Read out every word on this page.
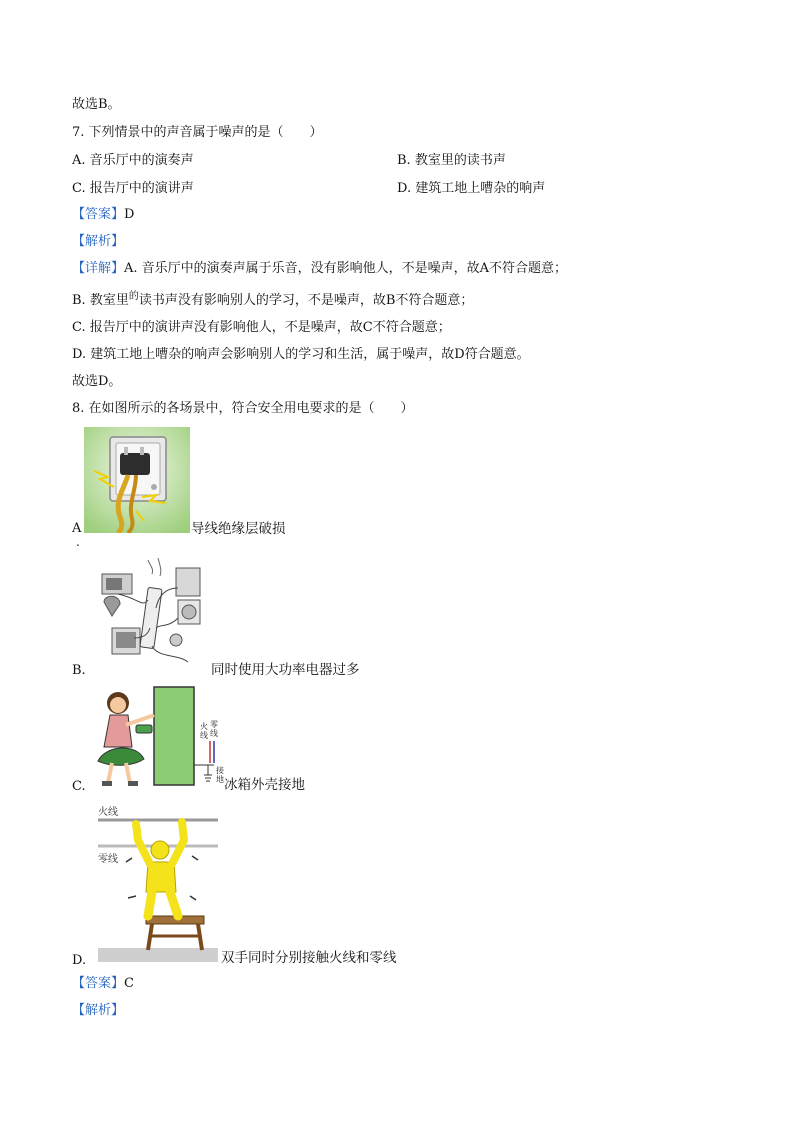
故选B。
7. 下列情景中的声音属于噪声的是（　　）
A. 音乐厅中的演奏声	B. 教室里的读书声
C. 报告厅中的演讲声	D. 建筑工地上嘈杂的响声
【答案】D
【解析】
【详解】A. 音乐厅中的演奏声属于乐音，没有影响他人，不是噪声，故A不符合题意；
B. 教室里$^的$读书声没有影响别人的学习，不是噪声，故B不符合题意；
C. 报告厅中的演讲声没有影响他人，不是噪声，故C不符合题意；
D. 建筑工地上嘈杂的响声会影响别人的学习和生活，属于噪声，故D符合题意。
故选D。
8. 在如图所示的各场景中，符合安全用电要求的是（　　）
A
.
导线绝缘层破损
B.	同时使用大功率电器过多
火
线
零
线
接
地
C.	冰箱外壳接地
火线
零线
D.	双手同时分别接触火线和零线
【答案】C
【解析】
